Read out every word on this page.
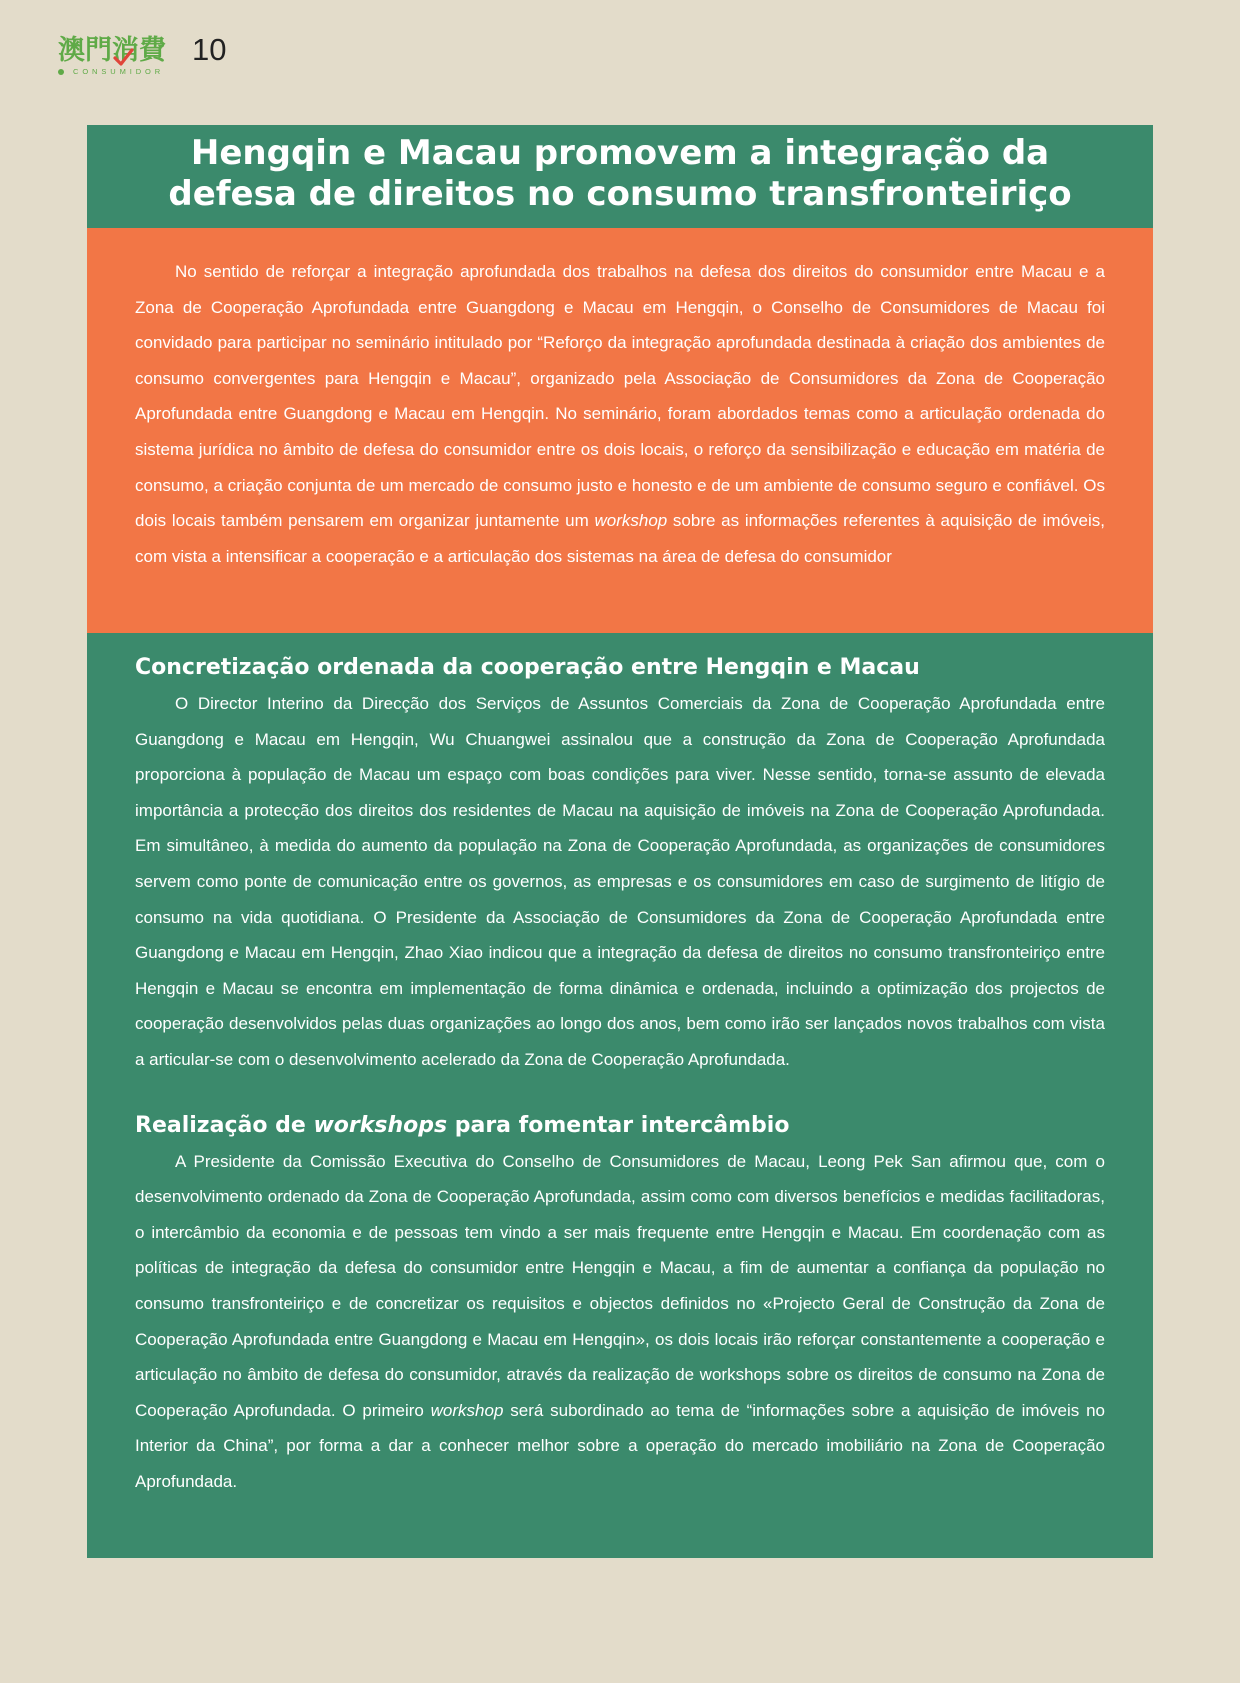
澳門消費
CONSUMIDOR
10
Hengqin e Macau promovem a integração da
defesa de direitos no consumo transfronteiriço

No sentido de reforçar a integração aprofundada dos trabalhos na defesa dos direitos do consumidor entre Macau e a Zona de Cooperação Aprofundada entre Guangdong e Macau em Hengqin, o Conselho de Consumidores de Macau foi convidado para participar no seminário intitulado por “Reforço da integração aprofundada destinada à criação dos ambientes de consumo convergentes para Hengqin e Macau”, organizado pela Associação de Consumidores da Zona de Cooperação Aprofundada entre Guangdong e Macau em Hengqin. No seminário, foram abordados temas como a articulação ordenada do sistema jurídica no âmbito de defesa do consumidor entre os dois locais, o reforço da sensibilização e educação em matéria de consumo, a criação conjunta de um mercado de consumo justo e honesto e de um ambiente de consumo seguro e confiável. Os dois locais também pensarem em organizar juntamente um workshop sobre as informações referentes à aquisição de imóveis, com vista a intensificar a cooperação e a articulação dos sistemas na área de defesa do consumidor

Concretização ordenada da cooperação entre Hengqin e Macau

O Director Interino da Direcção dos Serviços de Assuntos Comerciais da Zona de Cooperação Aprofundada entre Guangdong e Macau em Hengqin, Wu Chuangwei assinalou que a construção da Zona de Cooperação Aprofundada proporciona à população de Macau um espaço com boas condições para viver. Nesse sentido, torna-se assunto de elevada importância a protecção dos direitos dos residentes de Macau na aquisição de imóveis na Zona de Cooperação Aprofundada. Em simultâneo, à medida do aumento da população na Zona de Cooperação Aprofundada, as organizações de consumidores servem como ponte de comunicação entre os governos, as empresas e os consumidores em caso de surgimento de litígio de consumo na vida quotidiana. O Presidente da Associação de Consumidores da Zona de Cooperação Aprofundada entre Guangdong e Macau em Hengqin, Zhao Xiao indicou que a integração da defesa de direitos no consumo transfronteiriço entre Hengqin e Macau se encontra em implementação de forma dinâmica e ordenada, incluindo a optimização dos projectos de cooperação desenvolvidos pelas duas organizações ao longo dos anos, bem como irão ser lançados novos trabalhos com vista a articular-se com o desenvolvimento acelerado da Zona de Cooperação Aprofundada.

Realização de workshops para fomentar intercâmbio

A Presidente da Comissão Executiva do Conselho de Consumidores de Macau, Leong Pek San afirmou que, com o desenvolvimento ordenado da Zona de Cooperação Aprofundada, assim como com diversos benefícios e medidas facilitadoras, o intercâmbio da economia e de pessoas tem vindo a ser mais frequente entre Hengqin e Macau. Em coordenação com as políticas de integração da defesa do consumidor entre Hengqin e Macau, a fim de aumentar a confiança da população no consumo transfronteiriço e de concretizar os requisitos e objectos definidos no «Projecto Geral de Construção da Zona de Cooperação Aprofundada entre Guangdong e Macau em Hengqin», os dois locais irão reforçar constantemente a cooperação e articulação no âmbito de defesa do consumidor, através da realização de workshops sobre os direitos de consumo na Zona de Cooperação Aprofundada. O primeiro workshop será subordinado ao tema de “informações sobre a aquisição de imóveis no Interior da China”, por forma a dar a conhecer melhor sobre a operação do mercado imobiliário na Zona de Cooperação Aprofundada.
